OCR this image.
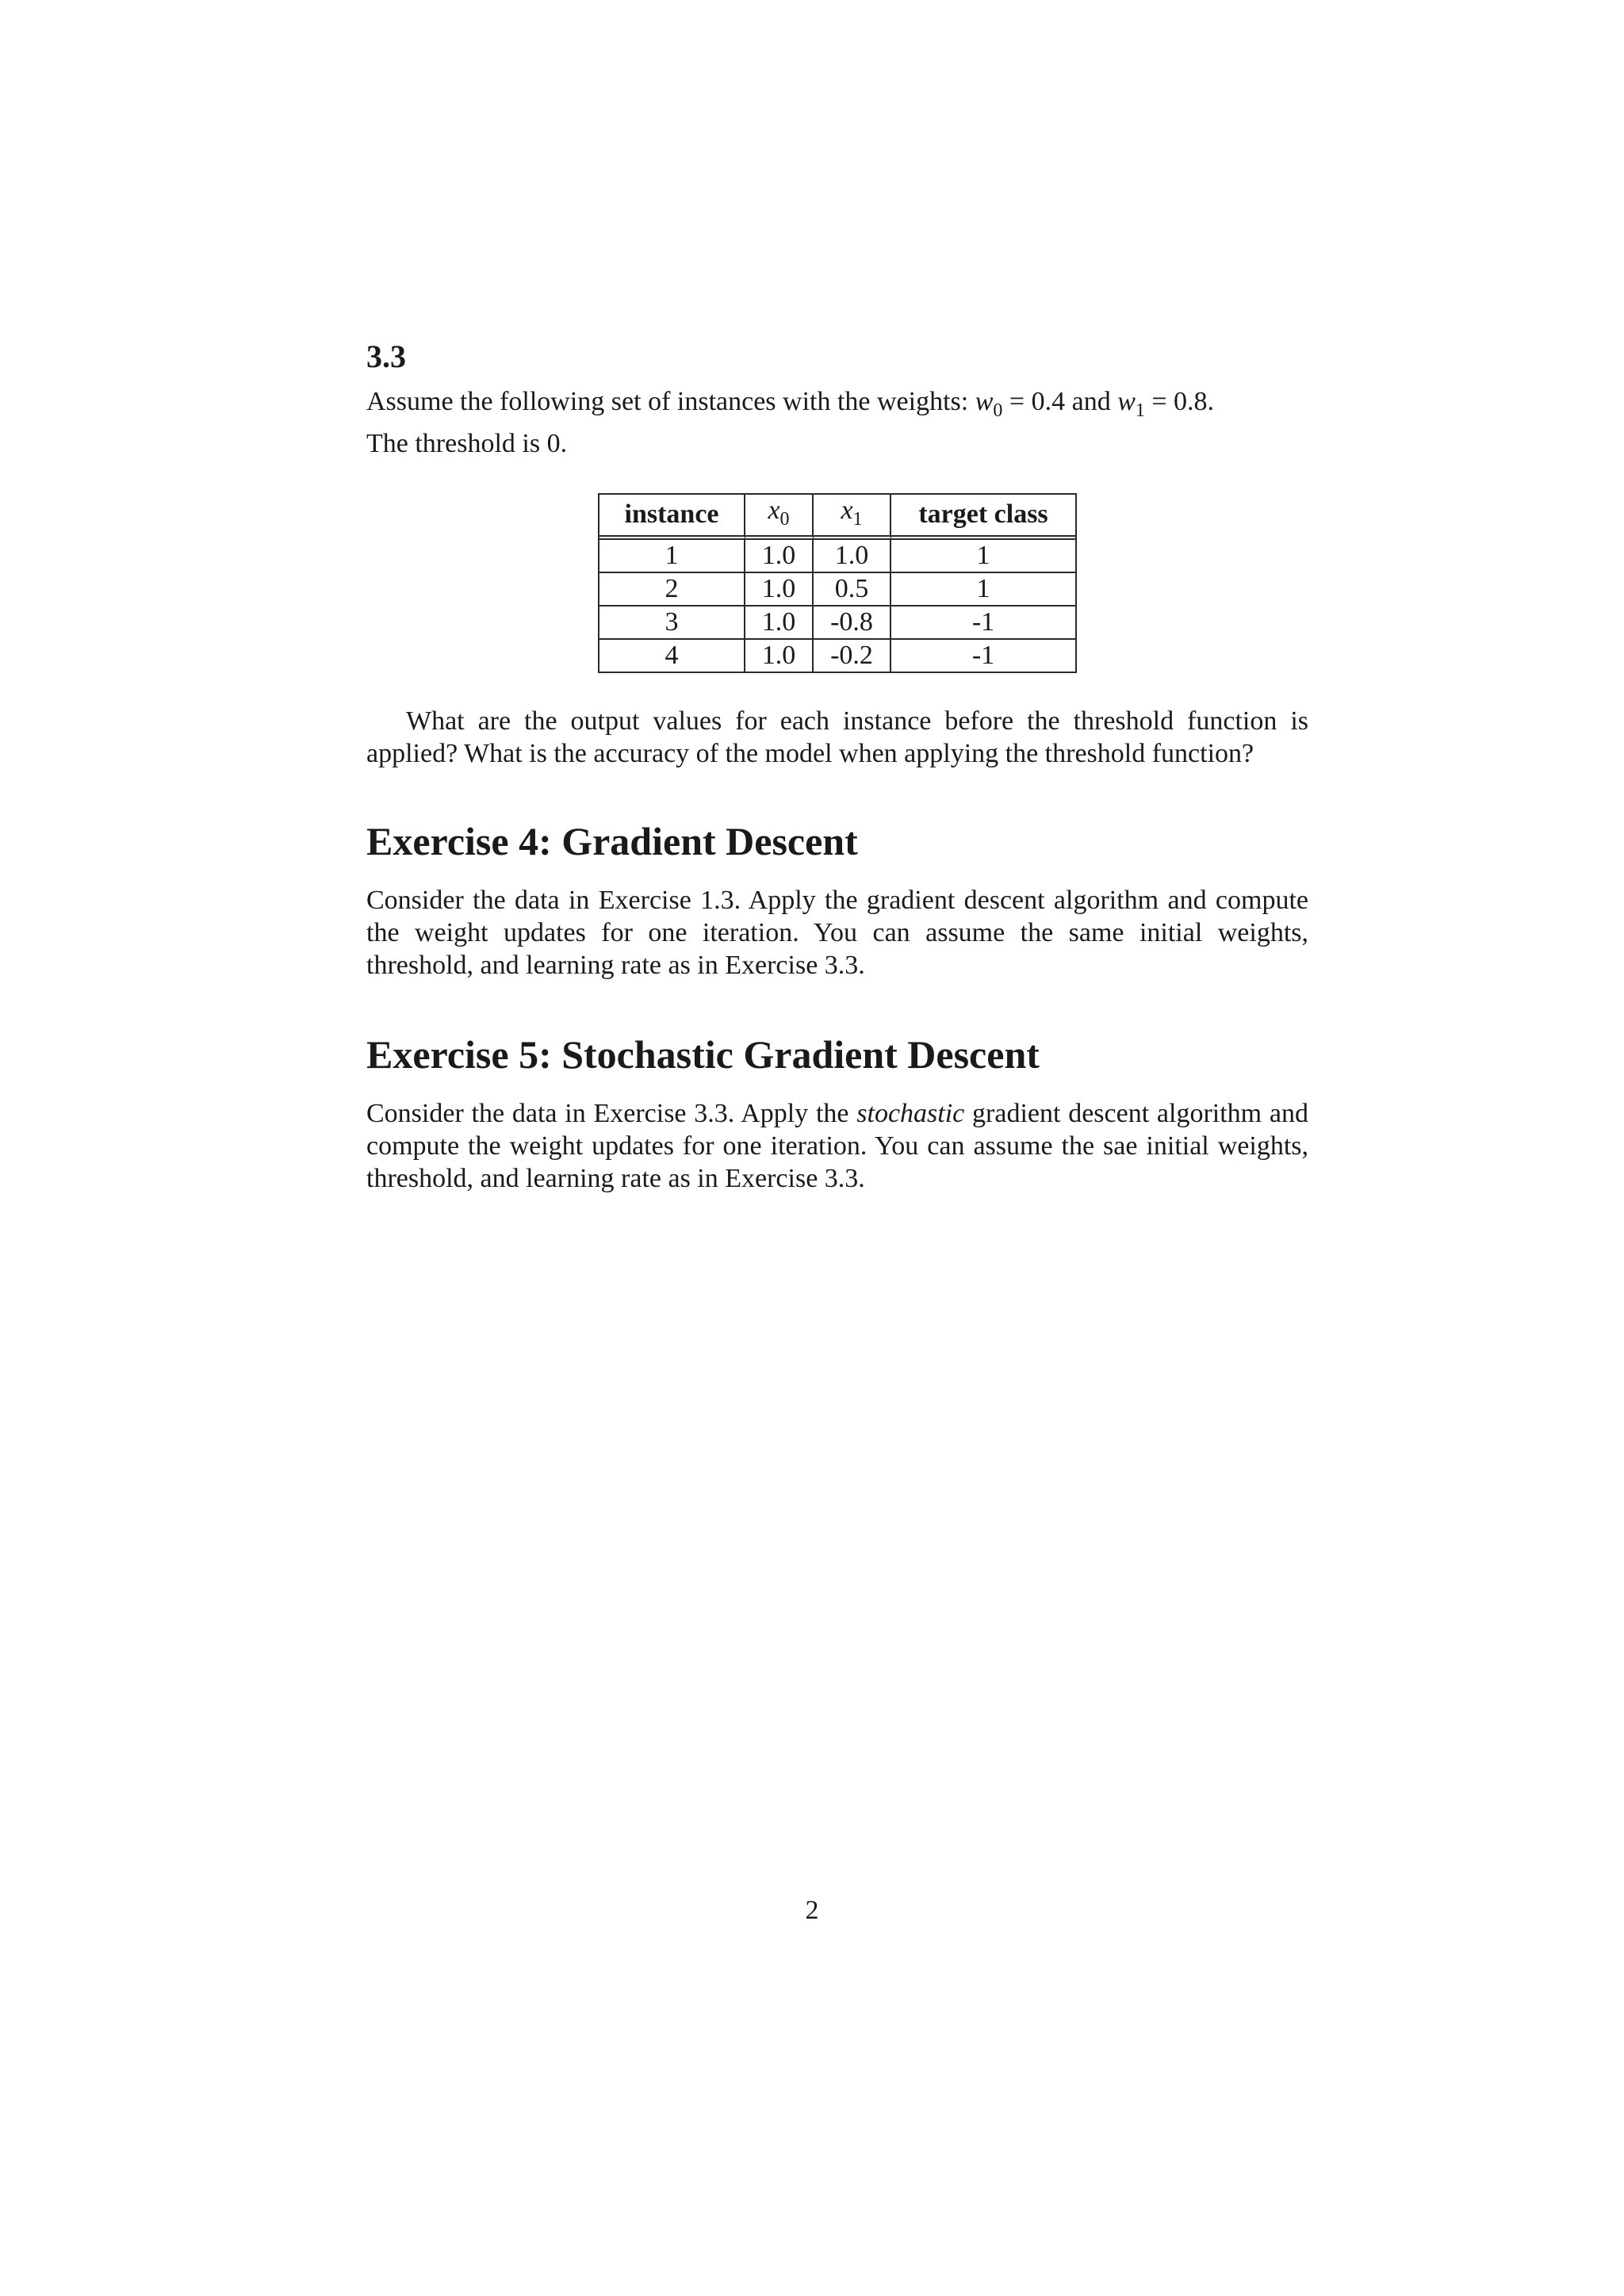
3.3

Assume the following set of instances with the weights: $w_0 = 0.4$ and $w_1 = 0.8$.
The threshold is 0.

instance	$x_0$	$x_1$	target class
1	1.0	1.0	1
2	1.0	0.5	1
3	1.0	-0.8	-1
4	1.0	-0.2	-1

What are the output values for each instance before the threshold function is applied? What is the accuracy of the model when applying the threshold function?

Exercise 4: Gradient Descent

Consider the data in Exercise 1.3. Apply the gradient descent algorithm and compute the weight updates for one iteration. You can assume the same initial weights, threshold, and learning rate as in Exercise 3.3.

Exercise 5: Stochastic Gradient Descent

Consider the data in Exercise 3.3. Apply the stochastic gradient descent algorithm and compute the weight updates for one iteration. You can assume the sae initial weights, threshold, and learning rate as in Exercise 3.3.

2
